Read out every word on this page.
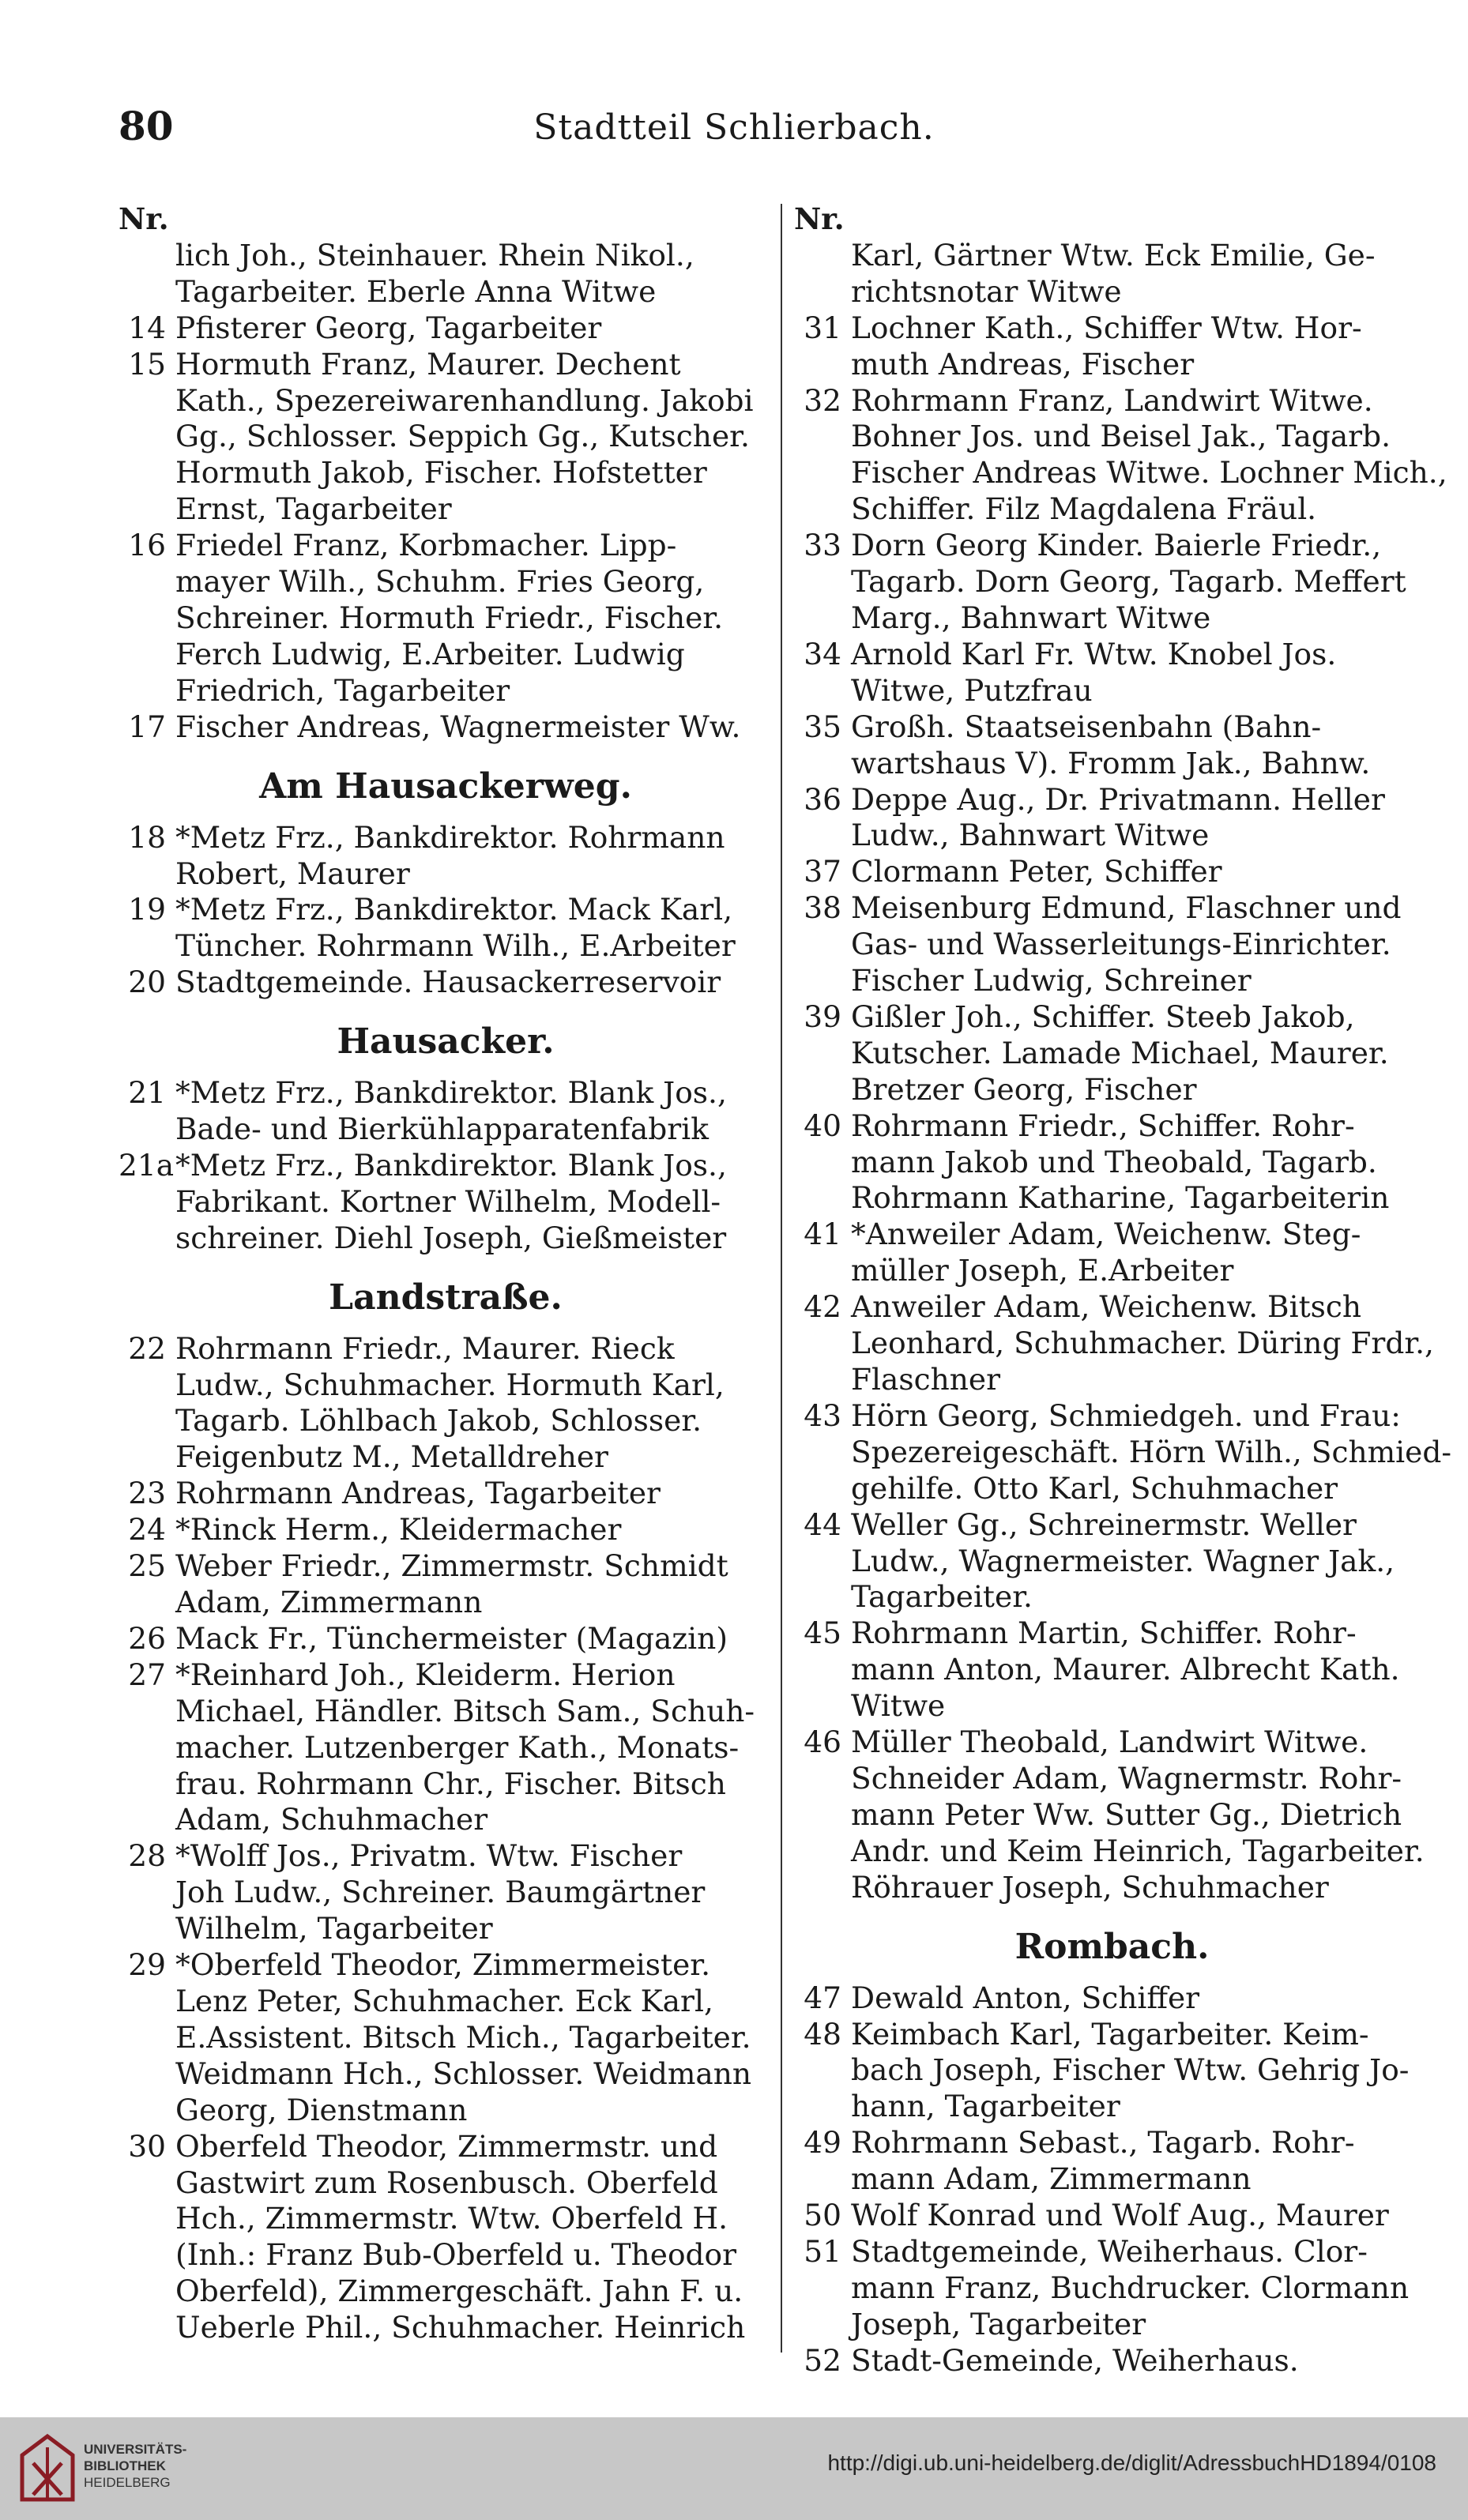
80	Stadtteil Schlierbach.
Nr.
lich Joh., Steinhauer. Rhein Nikol.,
Tagarbeiter. Eberle Anna Witwe
14 Pfisterer Georg, Tagarbeiter
15 Hormuth Franz, Maurer. Dechent
Kath., Spezereiwarenhandlung. Jakobi
Gg., Schlosser. Seppich Gg., Kutscher.
Hormuth Jakob, Fischer. Hofstetter
Ernst, Tagarbeiter
16 Friedel Franz, Korbmacher. Lipp-
mayer Wilh., Schuhm. Fries Georg,
Schreiner. Hormuth Friedr., Fischer.
Ferch Ludwig, E.Arbeiter. Ludwig
Friedrich, Tagarbeiter
17 Fischer Andreas, Wagnermeister Ww.
Am Hausackerweg.
18 *Metz Frz., Bankdirektor. Rohrmann
Robert, Maurer
19 *Metz Frz., Bankdirektor. Mack Karl,
Tüncher. Rohrmann Wilh., E.Arbeiter
20 Stadtgemeinde. Hausackerreservoir
Hausacker.
21 *Metz Frz., Bankdirektor. Blank Jos.,
Bade- und Bierkühlapparatenfabrik
21a *Metz Frz., Bankdirektor. Blank Jos.,
Fabrikant. Kortner Wilhelm, Modell-
schreiner. Diehl Joseph, Gießmeister
Landstraße.
22 Rohrmann Friedr., Maurer. Rieck
Ludw., Schuhmacher. Hormuth Karl,
Tagarb. Löhlbach Jakob, Schlosser.
Feigenbutz M., Metalldreher
23 Rohrmann Andreas, Tagarbeiter
24 *Rinck Herm., Kleidermacher
25 Weber Friedr., Zimmermstr. Schmidt
Adam, Zimmermann
26 Mack Fr., Tünchermeister (Magazin)
27 *Reinhard Joh., Kleiderm. Herion
Michael, Händler. Bitsch Sam., Schuh-
macher. Lutzenberger Kath., Monats-
frau. Rohrmann Chr., Fischer. Bitsch
Adam, Schuhmacher
28 *Wolff Jos., Privatm. Wtw. Fischer
Joh Ludw., Schreiner. Baumgärtner
Wilhelm, Tagarbeiter
29 *Oberfeld Theodor, Zimmermeister.
Lenz Peter, Schuhmacher. Eck Karl,
E.Assistent. Bitsch Mich., Tagarbeiter.
Weidmann Hch., Schlosser. Weidmann
Georg, Dienstmann
30 Oberfeld Theodor, Zimmermstr. und
Gastwirt zum Rosenbusch. Oberfeld
Hch., Zimmermstr. Wtw. Oberfeld H.
(Inh.: Franz Bub-Oberfeld u. Theodor
Oberfeld), Zimmergeschäft. Jahn F. u.
Ueberle Phil., Schuhmacher. Heinrich
Nr.
Karl, Gärtner Wtw. Eck Emilie, Ge-
richtsnotar Witwe
31 Lochner Kath., Schiffer Wtw. Hor-
muth Andreas, Fischer
32 Rohrmann Franz, Landwirt Witwe.
Bohner Jos. und Beisel Jak., Tagarb.
Fischer Andreas Witwe. Lochner Mich.,
Schiffer. Filz Magdalena Fräul.
33 Dorn Georg Kinder. Baierle Friedr.,
Tagarb. Dorn Georg, Tagarb. Meffert
Marg., Bahnwart Witwe
34 Arnold Karl Fr. Wtw. Knobel Jos.
Witwe, Putzfrau
35 Großh. Staatseisenbahn (Bahn-
wartshaus V). Fromm Jak., Bahnw.
36 Deppe Aug., Dr. Privatmann. Heller
Ludw., Bahnwart Witwe
37 Clormann Peter, Schiffer
38 Meisenburg Edmund, Flaschner und
Gas- und Wasserleitungs-Einrichter.
Fischer Ludwig, Schreiner
39 Gißler Joh., Schiffer. Steeb Jakob,
Kutscher. Lamade Michael, Maurer.
Bretzer Georg, Fischer
40 Rohrmann Friedr., Schiffer. Rohr-
mann Jakob und Theobald, Tagarb.
Rohrmann Katharine, Tagarbeiterin
41 *Anweiler Adam, Weichenw. Steg-
müller Joseph, E.Arbeiter
42 Anweiler Adam, Weichenw. Bitsch
Leonhard, Schuhmacher. Düring Frdr.,
Flaschner
43 Hörn Georg, Schmiedgeh. und Frau:
Spezereigeschäft. Hörn Wilh., Schmied-
gehilfe. Otto Karl, Schuhmacher
44 Weller Gg., Schreinermstr. Weller
Ludw., Wagnermeister. Wagner Jak.,
Tagarbeiter.
45 Rohrmann Martin, Schiffer. Rohr-
mann Anton, Maurer. Albrecht Kath.
Witwe
46 Müller Theobald, Landwirt Witwe.
Schneider Adam, Wagnermstr. Rohr-
mann Peter Ww. Sutter Gg., Dietrich
Andr. und Keim Heinrich, Tagarbeiter.
Röhrauer Joseph, Schuhmacher
Rombach.
47 Dewald Anton, Schiffer
48 Keimbach Karl, Tagarbeiter. Keim-
bach Joseph, Fischer Wtw. Gehrig Jo-
hann, Tagarbeiter
49 Rohrmann Sebast., Tagarb. Rohr-
mann Adam, Zimmermann
50 Wolf Konrad und Wolf Aug., Maurer
51 Stadtgemeinde, Weiherhaus. Clor-
mann Franz, Buchdrucker. Clormann
Joseph, Tagarbeiter
52 Stadt-Gemeinde, Weiherhaus.
UNIVERSITÄTS-
BIBLIOTHEK
HEIDELBERG
http://digi.ub.uni-heidelberg.de/diglit/AdressbuchHD1894/0108
